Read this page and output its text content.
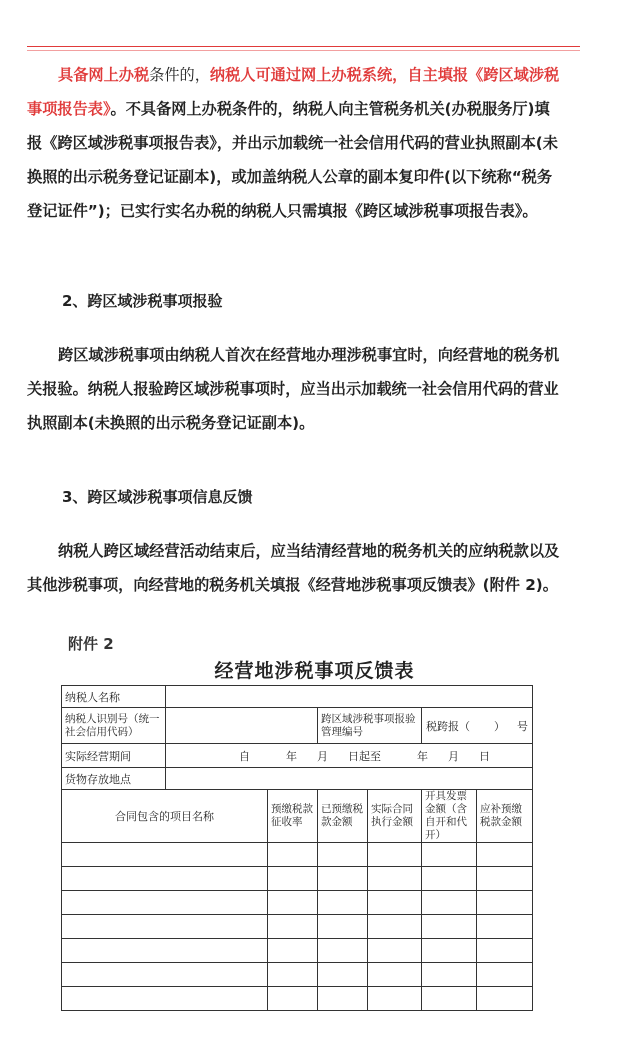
具备网上办税条件的，纳税人可通过网上办税系统，自主填报《跨区域涉税
事项报告表》。不具备网上办税条件的，纳税人向主管税务机关(办税服务厅)填
报《跨区域涉税事项报告表》，并出示加载统一社会信用代码的营业执照副本(未
换照的出示税务登记证副本)，或加盖纳税人公章的副本复印件(以下统称“税务
登记证件”)；已实行实名办税的纳税人只需填报《跨区域涉税事项报告表》。
2、跨区域涉税事项报验
跨区域涉税事项由纳税人首次在经营地办理涉税事宜时，向经营地的税务机
关报验。纳税人报验跨区域涉税事项时，应当出示加载统一社会信用代码的营业
执照副本(未换照的出示税务登记证副本)。
3、跨区域涉税事项信息反馈
纳税人跨区域经营活动结束后，应当结清经营地的税务机关的应纳税款以及
其他涉税事项，向经营地的税务机关填报《经营地涉税事项反馈表》(附件 2)。
附件 2
经营地涉税事项反馈表
纳税人名称						
纳税人识别号（统一社会信用代码）			跨区域涉税事项报验管理编号		税跨报（ ） 号	
实际经营期间	自 年 月 日起至 年 月 日					
货物存放地点						
合同包含的项目名称		预缴税款征收率	已预缴税款金额	实际合同执行金额	开具发票金额（含自开和代开）	应补预缴税款金额
